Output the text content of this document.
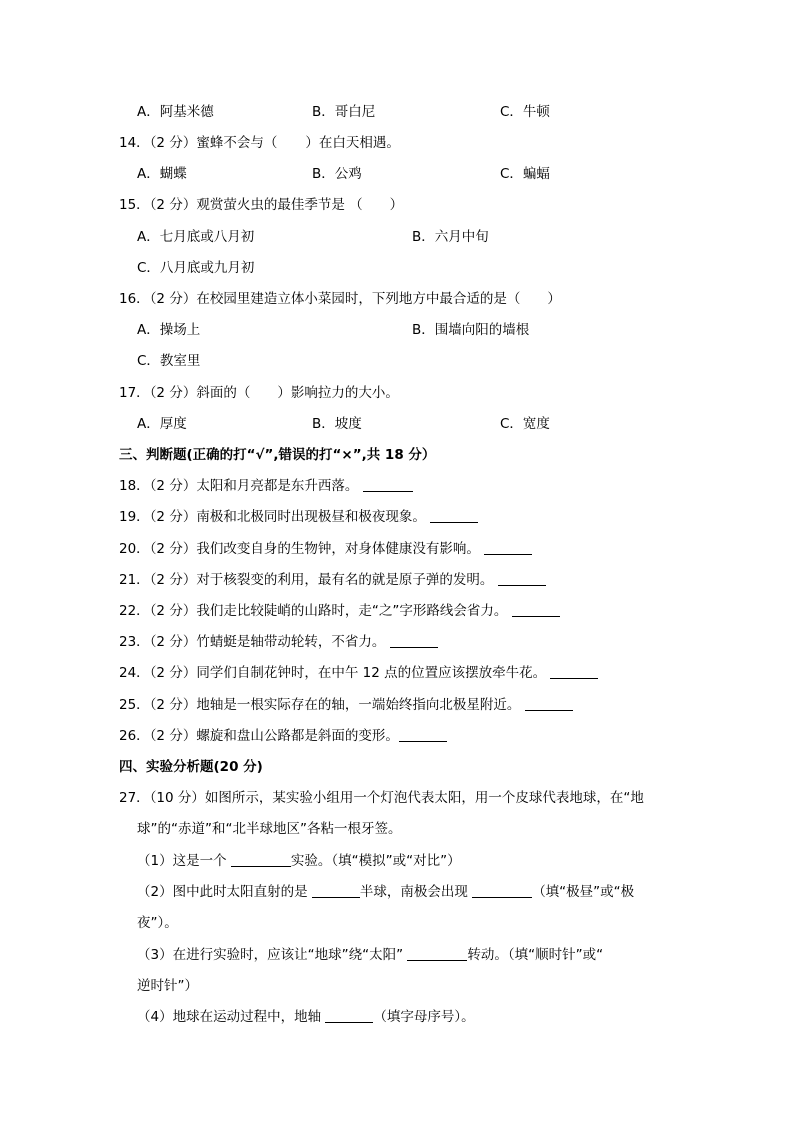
A．阿基米德	B．哥白尼	C．牛顿
14．（2 分）蜜蜂不会与（ ）在白天相遇。
A．蝴蝶	B．公鸡	C．蝙蝠
15．（2 分）观赏萤火虫的最佳季节是 （　　）
A．七月底或八月初	B．六月中旬
C．八月底或九月初
16．（2 分）在校园里建造立体小菜园时，下列地方中最合适的是（　　）
A．操场上	B．围墙向阳的墙根
C．教室里
17．（2 分）斜面的（　　）影响拉力的大小。
A．厚度	B．坡度	C．宽度
三、判断题(正确的打“√”,错误的打“×”,共 18 分）
18．（2 分）太阳和月亮都是东升西落。
19．（2 分）南极和北极同时出现极昼和极夜现象。
20．（2 分）我们改变自身的生物钟，对身体健康没有影响。
21．（2 分）对于核裂变的利用，最有名的就是原子弹的发明。
22．（2 分）我们走比较陡峭的山路时，走“之”字形路线会省力。
23．（2 分）竹蜻蜓是轴带动轮转，不省力。
24．（2 分）同学们自制花钟时，在中午 12 点的位置应该摆放牵牛花。
25．（2 分）地轴是一根实际存在的轴，一端始终指向北极星附近。
26．（2 分）螺旋和盘山公路都是斜面的变形。
四、实验分析题(20 分)
27．（10 分）如图所示，某实验小组用一个灯泡代表太阳，用一个皮球代表地球，在“地
球”的“赤道”和“北半球地区”各粘一根牙签。
（1）这是一个	实验。（填“模拟”或“对比”）
（2）图中此时太阳直射的是	半球，南极会出现	（填“极昼”或“极
夜”）。
（3）在进行实验时，应该让“地球”绕“太阳”	转动。（填“顺时针”或“
逆时针”）
（4）地球在运动过程中，地轴	（填字母序号）。
